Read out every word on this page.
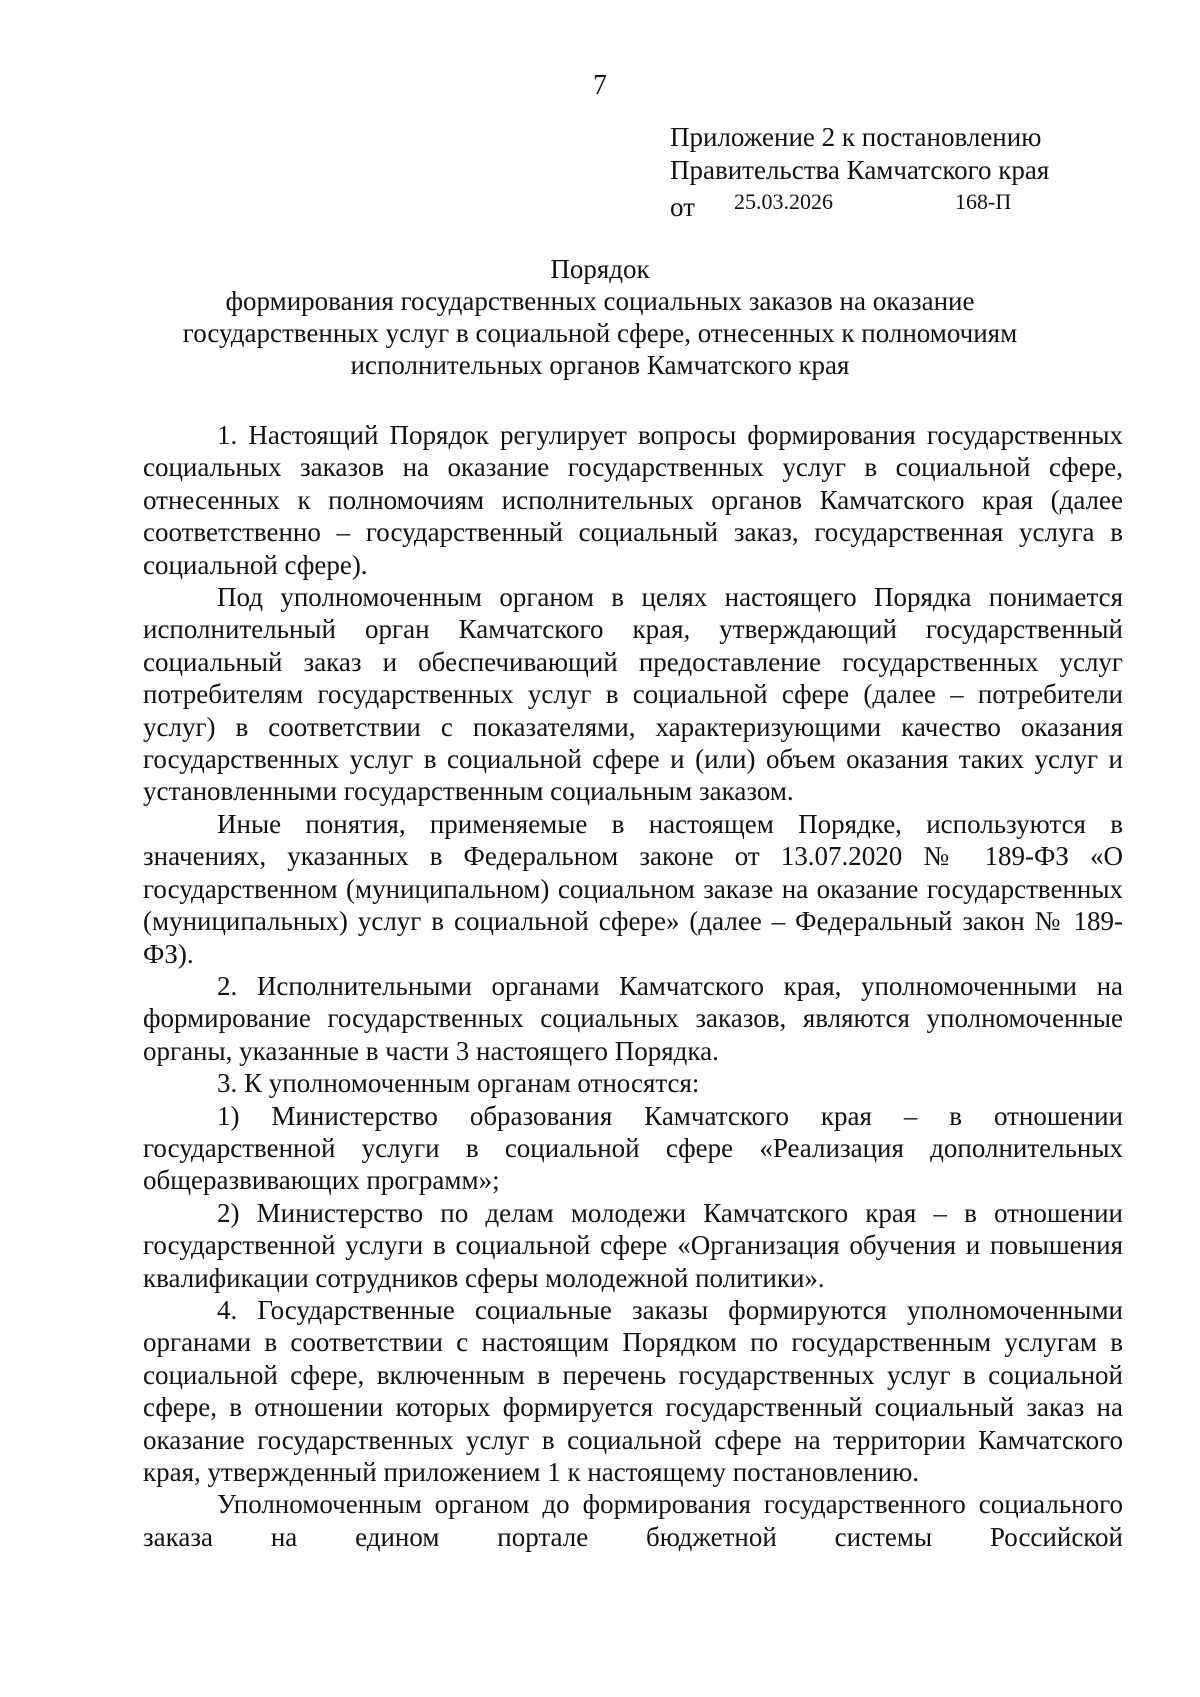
7
Приложение 2 к постановлению
Правительства Камчатского края
от 25.03.2026	168-П
Порядок
формирования государственных социальных заказов на оказание
государственных услуг в социальной сфере, отнесенных к полномочиям
исполнительных органов Камчатского края

1. Настоящий Порядок регулирует вопросы формирования государственных социальных заказов на оказание государственных услуг в социальной сфере, отнесенных к полномочиям исполнительных органов Камчатского края (далее соответственно – государственный социальный заказ, государственная услуга в социальной сфере).

Под уполномоченным органом в целях настоящего Порядка понимается исполнительный орган Камчатского края, утверждающий государственный социальный заказ и обеспечивающий предоставление государственных услуг потребителям государственных услуг в социальной сфере (далее – потребители услуг) в соответствии с показателями, характеризующими качество оказания государственных услуг в социальной сфере и (или) объем оказания таких услуг и установленными государственным социальным заказом.

Иные понятия, применяемые в настоящем Порядке, используются в значениях, указанных в Федеральном законе от 13.07.2020 № 189-ФЗ «О государственном (муниципальном) социальном заказе на оказание государственных (муниципальных) услуг в социальной сфере» (далее – Федеральный закон № 189-ФЗ).

2. Исполнительными органами Камчатского края, уполномоченными на формирование государственных социальных заказов, являются уполномоченные органы, указанные в части 3 настоящего Порядка.

3. К уполномоченным органам относятся:

1) Министерство образования Камчатского края – в отношении государственной услуги в социальной сфере «Реализация дополнительных общеразвивающих программ»;

2) Министерство по делам молодежи Камчатского края – в отношении государственной услуги в социальной сфере «Организация обучения и повышения квалификации сотрудников сферы молодежной политики».

4. Государственные социальные заказы формируются уполномоченными органами в соответствии с настоящим Порядком по государственным услугам в социальной сфере, включенным в перечень государственных услуг в социальной сфере, в отношении которых формируется государственный социальный заказ на оказание государственных услуг в социальной сфере на территории Камчатского края, утвержденный приложением 1 к настоящему постановлению.

Уполномоченным органом до формирования государственного социального заказа на едином портале бюджетной системы Российской
